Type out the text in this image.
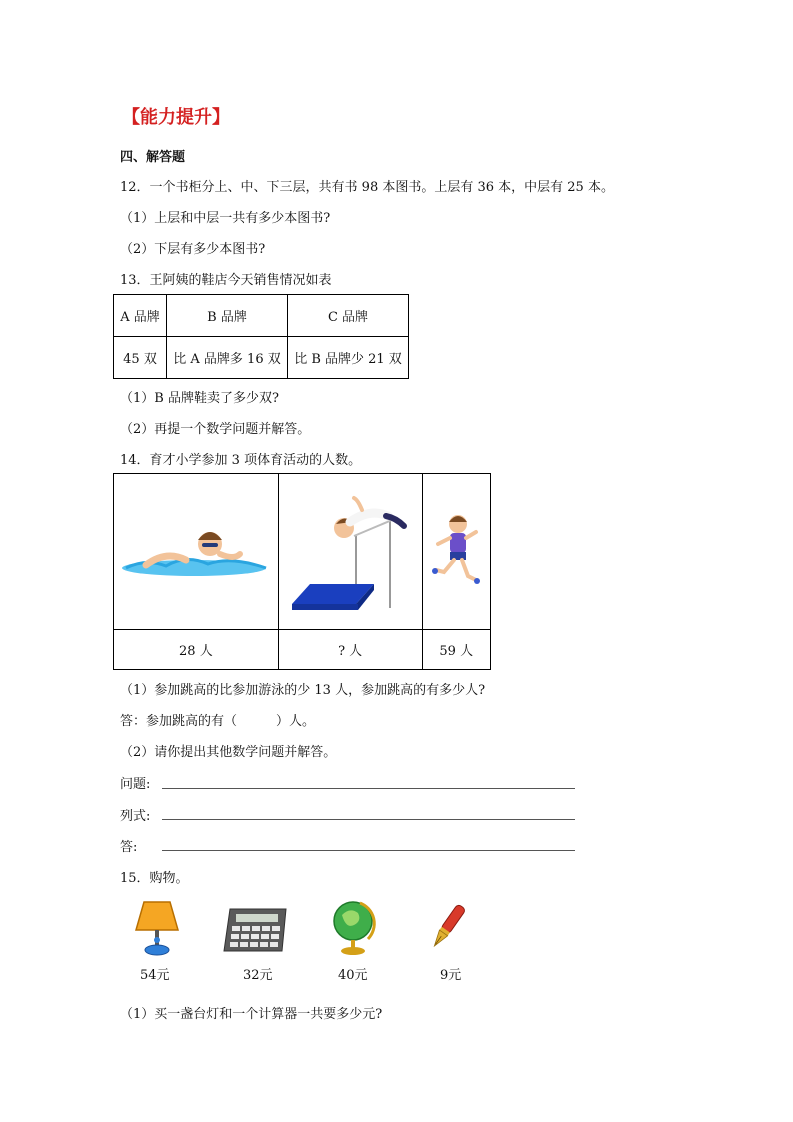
【能力提升】
四、解答题
12．一个书柜分上、中、下三层，共有书 98 本图书。上层有 36 本，中层有 25 本。
（1）上层和中层一共有多少本图书?
（2）下层有多少本图书?
13．王阿姨的鞋店今天销售情况如表
A 品牌	B 品牌	C 品牌
45 双	比 A 品牌多 16 双	比 B 品牌少 21 双
（1）B 品牌鞋卖了多少双?
（2）再提一个数学问题并解答。
14．育才小学参加 3 项体育活动的人数。

28 人	? 人	59 人
（1）参加跳高的比参加游泳的少 13 人，参加跳高的有多少人?
答：参加跳高的有（　　　）人。
（2）请你提出其他数学问题并解答。
问题:
列式:
答:
15．购物。
54元	32元	40元	9元
（1）买一盏台灯和一个计算器一共要多少元?
